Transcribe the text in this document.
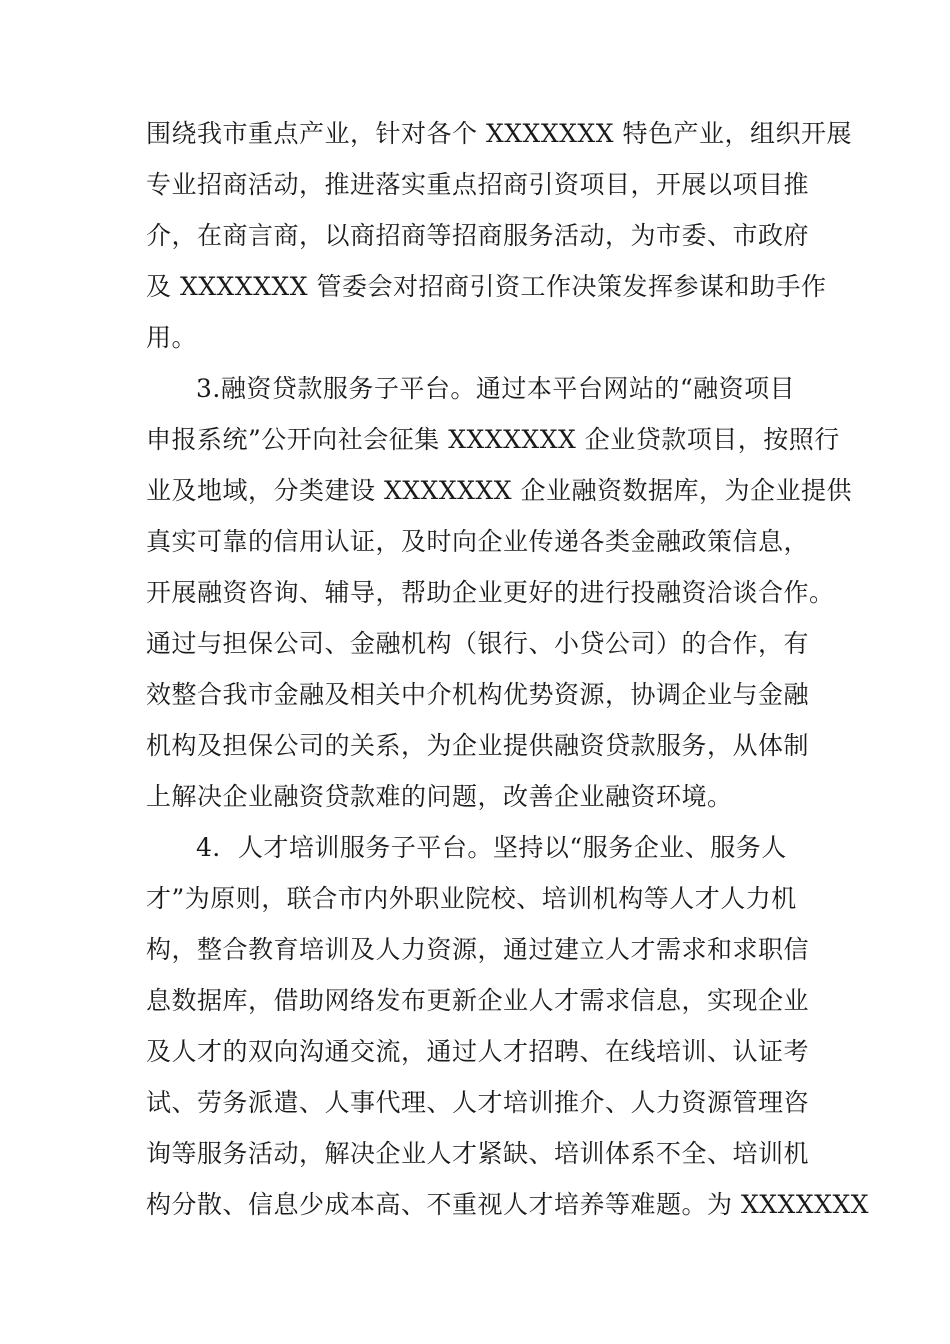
围绕我市重点产业，针对各个 XXXXXXX 特色产业，组织开展
专业招商活动，推进落实重点招商引资项目，开展以项目推
介，在商言商，以商招商等招商服务活动，为市委、市政府
及 XXXXXXX 管委会对招商引资工作决策发挥参谋和助手作
用。
3.融资贷款服务子平台。通过本平台网站的“融资项目
申报系统”公开向社会征集 XXXXXXX 企业贷款项目，按照行
业及地域，分类建设 XXXXXXX 企业融资数据库，为企业提供
真实可靠的信用认证，及时向企业传递各类金融政策信息，
开展融资咨询、辅导，帮助企业更好的进行投融资洽谈合作。
通过与担保公司、金融机构（银行、小贷公司）的合作，有
效整合我市金融及相关中介机构优势资源，协调企业与金融
机构及担保公司的关系，为企业提供融资贷款服务，从体制
上解决企业融资贷款难的问题，改善企业融资环境。
4．人才培训服务子平台。坚持以“服务企业、服务人
才”为原则，联合市内外职业院校、培训机构等人才人力机
构，整合教育培训及人力资源，通过建立人才需求和求职信
息数据库，借助网络发布更新企业人才需求信息，实现企业
及人才的双向沟通交流，通过人才招聘、在线培训、认证考
试、劳务派遣、人事代理、人才培训推介、人力资源管理咨
询等服务活动，解决企业人才紧缺、培训体系不全、培训机
构分散、信息少成本高、不重视人才培养等难题。为 XXXXXXX
